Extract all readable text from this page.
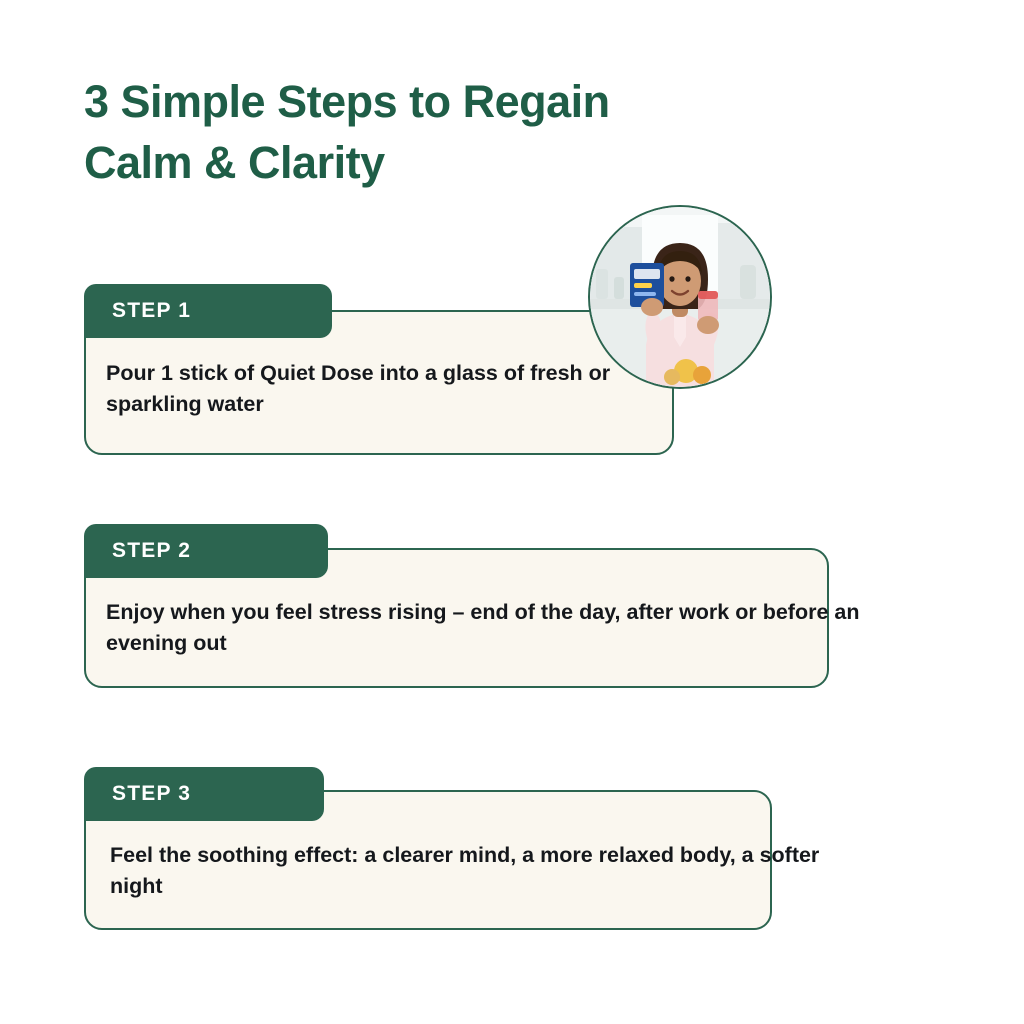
3 Simple Steps to Regain
Calm & Clarity
STEP 1
Pour 1 stick of Quiet Dose into a glass of fresh or sparkling water
STEP 2
Enjoy when you feel stress rising – end of the day, after work or before an evening out
STEP 3
Feel the soothing effect: a clearer mind, a more relaxed body, a softer night
